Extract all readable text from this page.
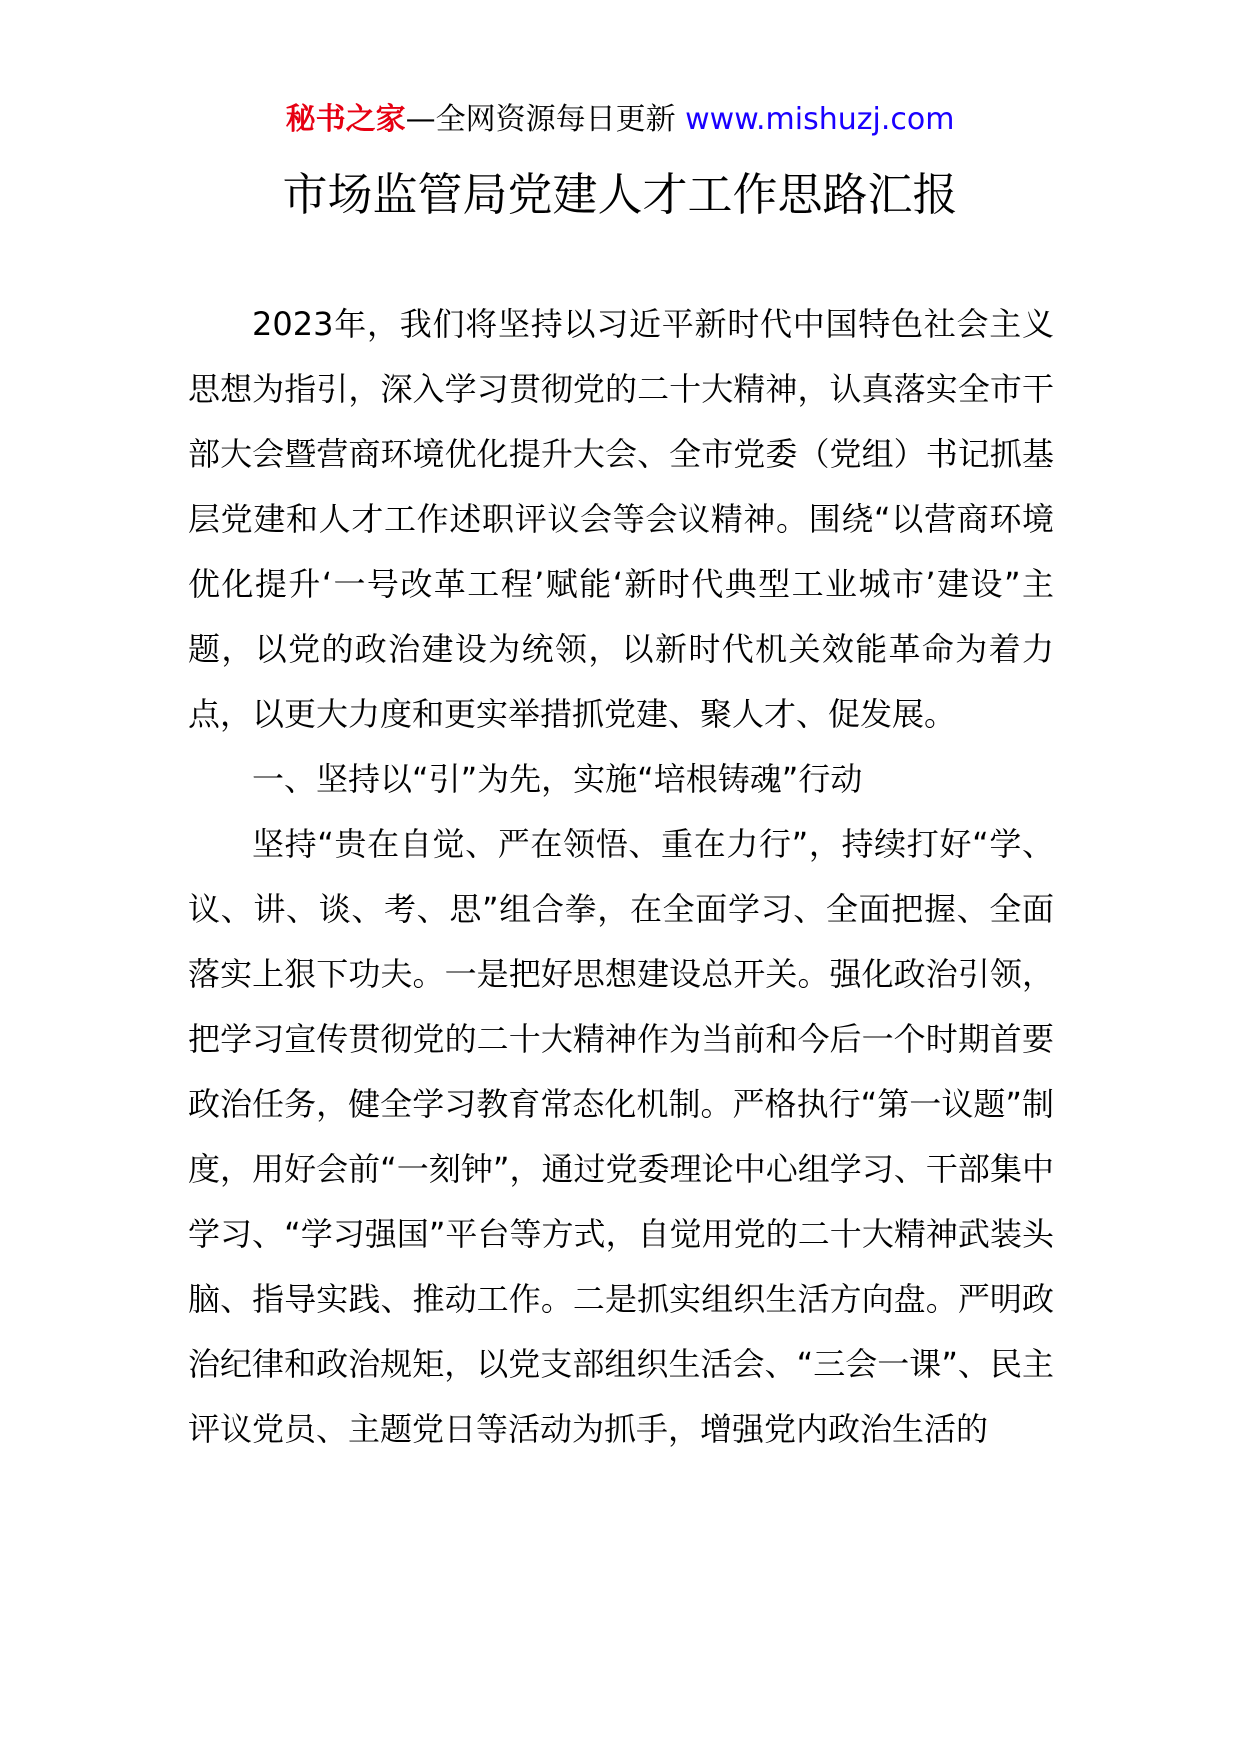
秘书之家—全网资源每日更新 www.mishuzj.com
市场监管局党建人才工作思路汇报

2023年，我们将坚持以习近平新时代中国特色社会主义思想为指引，深入学习贯彻党的二十大精神，认真落实全市干部大会暨营商环境优化提升大会、全市党委（党组）书记抓基层党建和人才工作述职评议会等会议精神。围绕“以营商环境优化提升‘一号改革工程’赋能‘新时代典型工业城市’建设”主题，以党的政治建设为统领，以新时代机关效能革命为着力点，以更大力度和更实举措抓党建、聚人才、促发展。

一、坚持以“引”为先，实施“培根铸魂”行动

坚持“贵在自觉、严在领悟、重在力行”，持续打好“学、议、讲、谈、考、思”组合拳，在全面学习、全面把握、全面落实上狠下功夫。一是把好思想建设总开关。强化政治引领，把学习宣传贯彻党的二十大精神作为当前和今后一个时期首要政治任务，健全学习教育常态化机制。严格执行“第一议题”制度，用好会前“一刻钟”，通过党委理论中心组学习、干部集中学习、“学习强国”平台等方式，自觉用党的二十大精神武装头脑、指导实践、推动工作。二是抓实组织生活方向盘。严明政治纪律和政治规矩，以党支部组织生活会、“三会一课”、民主评议党员、主题党日等活动为抓手，增强党内政治生活的
